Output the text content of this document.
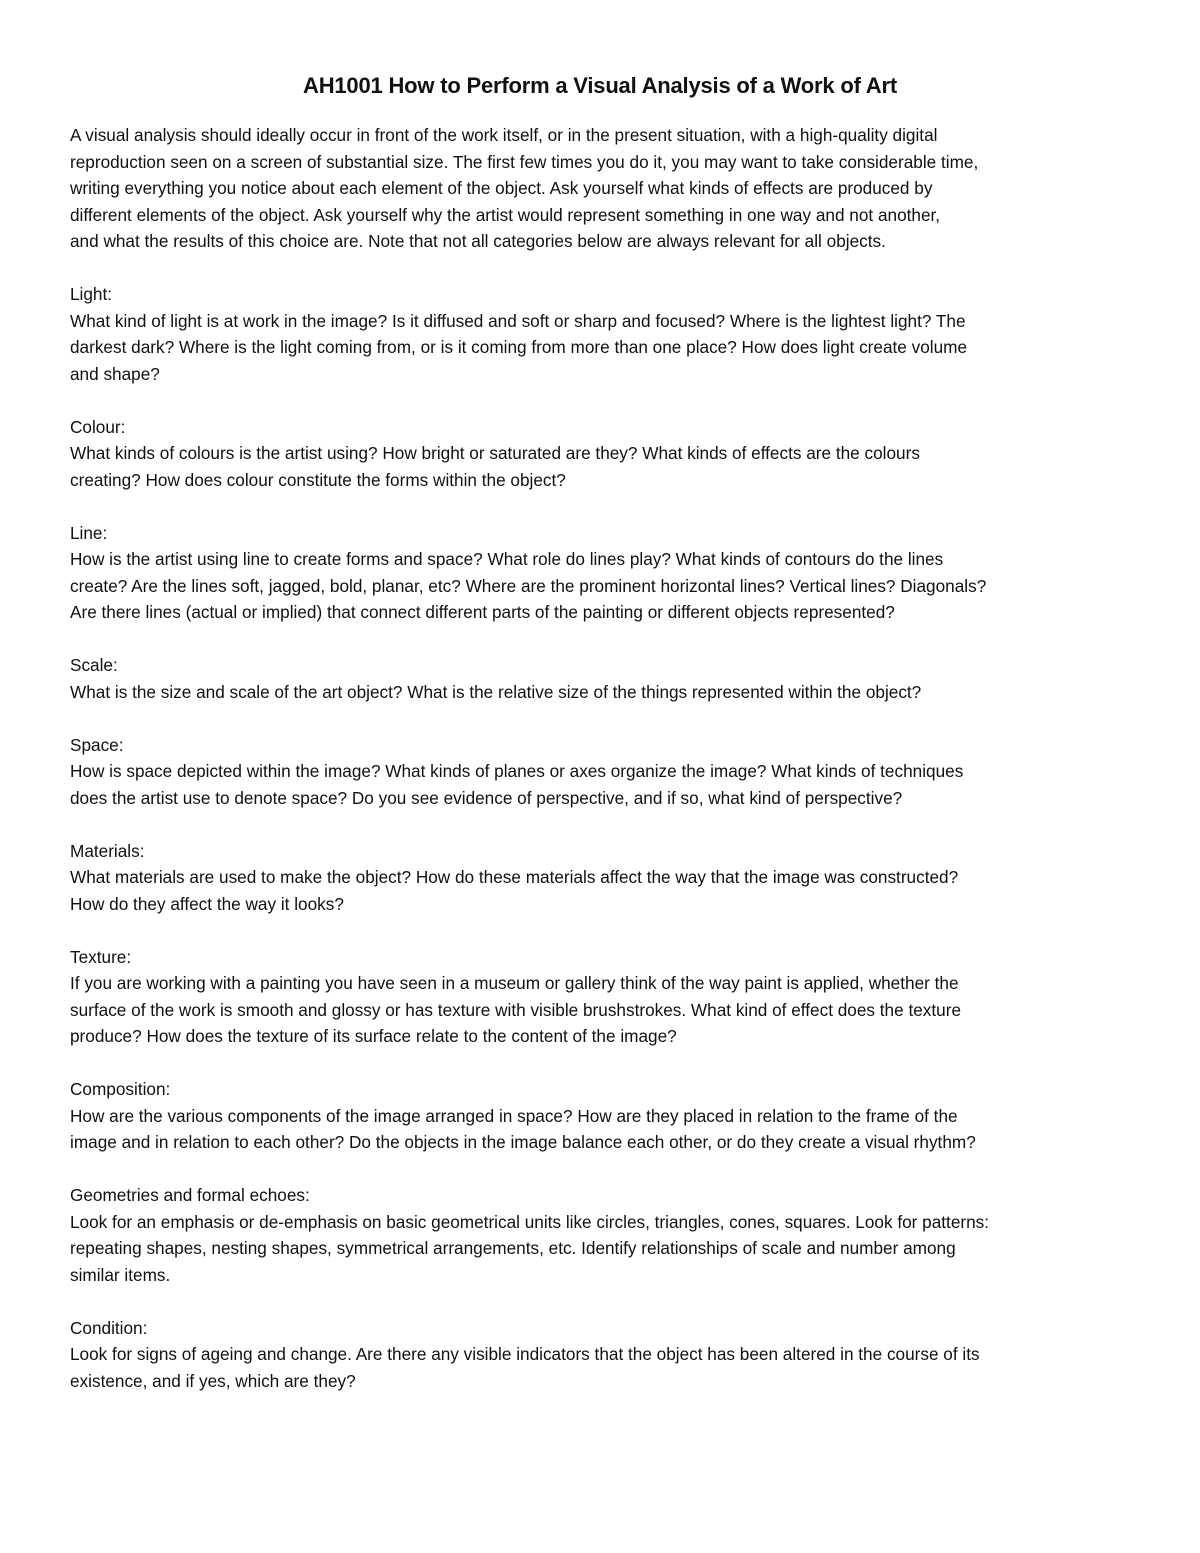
AH1001 How to Perform a Visual Analysis of a Work of Art

A visual analysis should ideally occur in front of the work itself, or in the present situation, with a high-quality digital
reproduction seen on a screen of substantial size. The first few times you do it, you may want to take considerable time,
writing everything you notice about each element of the object. Ask yourself what kinds of effects are produced by
different elements of the object. Ask yourself why the artist would represent something in one way and not another,
and what the results of this choice are. Note that not all categories below are always relevant for all objects.

Light:

What kind of light is at work in the image? Is it diffused and soft or sharp and focused? Where is the lightest light? The
darkest dark? Where is the light coming from, or is it coming from more than one place? How does light create volume
and shape?

Colour:

What kinds of colours is the artist using? How bright or saturated are they? What kinds of effects are the colours
creating? How does colour constitute the forms within the object?

Line:

How is the artist using line to create forms and space? What role do lines play? What kinds of contours do the lines
create? Are the lines soft, jagged, bold, planar, etc? Where are the prominent horizontal lines? Vertical lines? Diagonals?
Are there lines (actual or implied) that connect different parts of the painting or different objects represented?

Scale:

What is the size and scale of the art object? What is the relative size of the things represented within the object?

Space:

How is space depicted within the image? What kinds of planes or axes organize the image? What kinds of techniques
does the artist use to denote space? Do you see evidence of perspective, and if so, what kind of perspective?

Materials:

What materials are used to make the object? How do these materials affect the way that the image was constructed?
How do they affect the way it looks?

Texture:

If you are working with a painting you have seen in a museum or gallery think of the way paint is applied, whether the
surface of the work is smooth and glossy or has texture with visible brushstrokes. What kind of effect does the texture
produce? How does the texture of its surface relate to the content of the image?

Composition:

How are the various components of the image arranged in space? How are they placed in relation to the frame of the
image and in relation to each other? Do the objects in the image balance each other, or do they create a visual rhythm?

Geometries and formal echoes:

Look for an emphasis or de-emphasis on basic geometrical units like circles, triangles, cones, squares. Look for patterns:
repeating shapes, nesting shapes, symmetrical arrangements, etc. Identify relationships of scale and number among
similar items.

Condition:

Look for signs of ageing and change. Are there any visible indicators that the object has been altered in the course of its
existence, and if yes, which are they?
